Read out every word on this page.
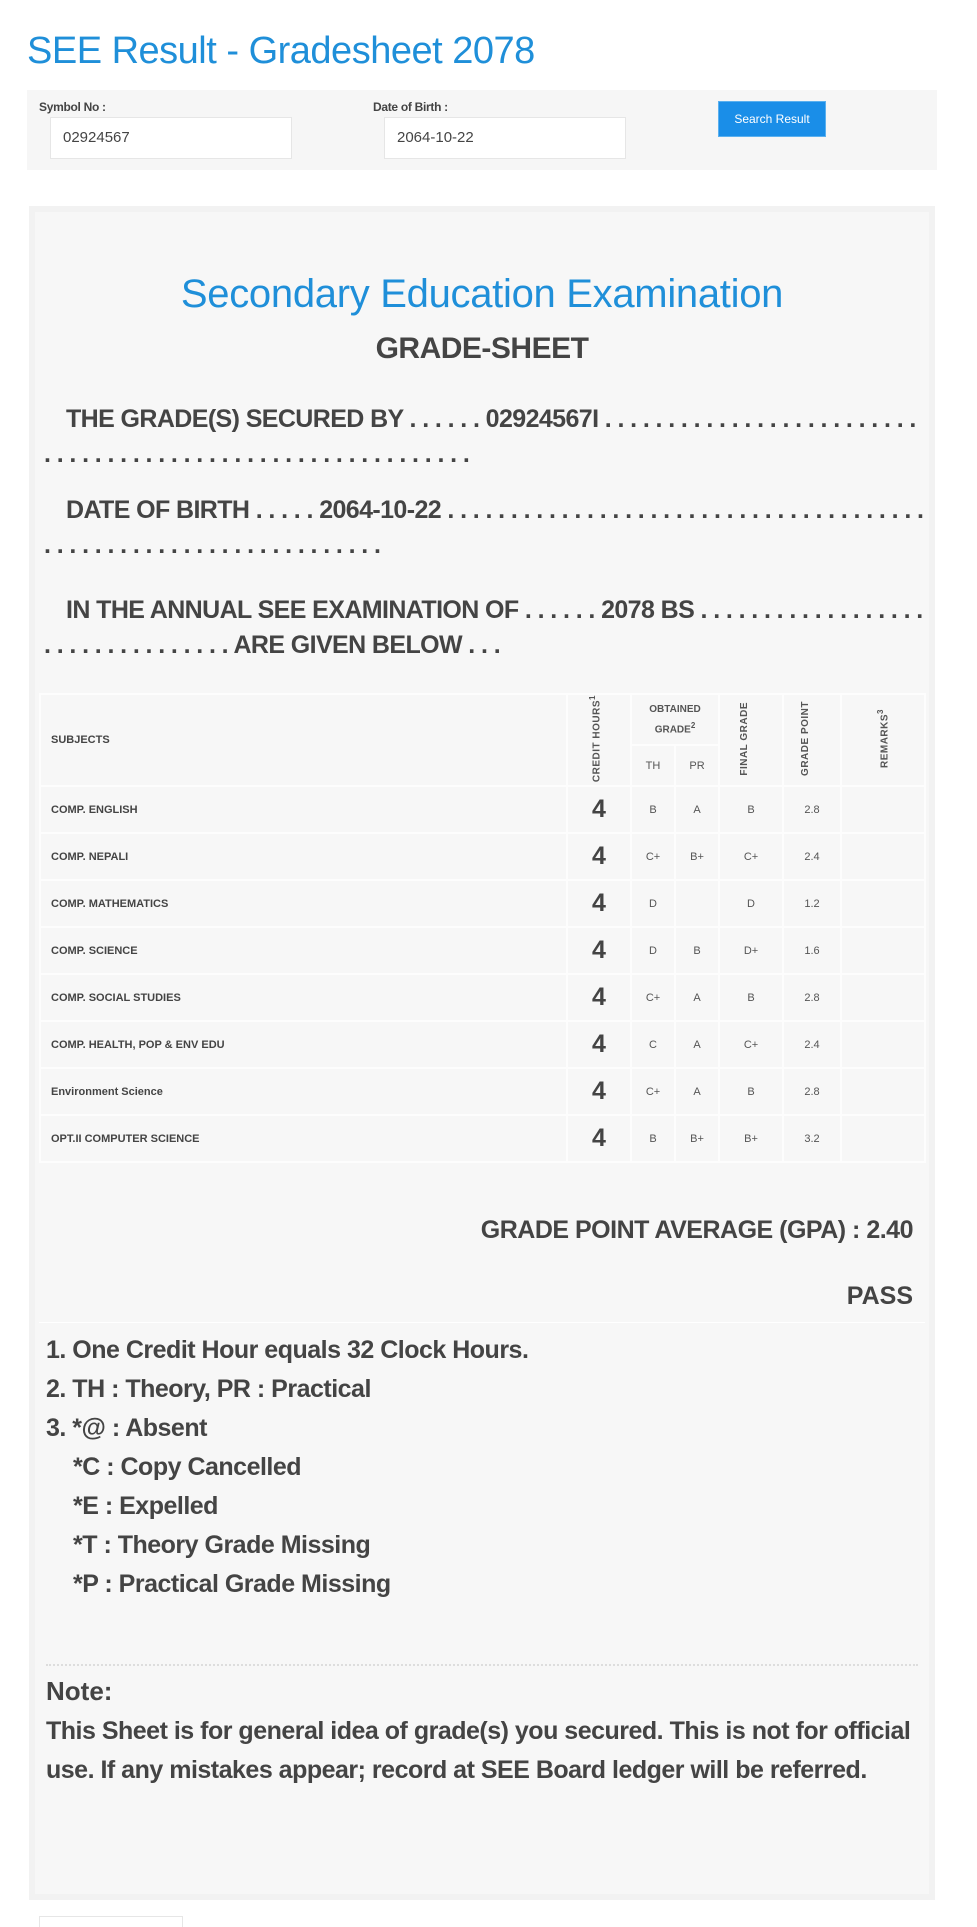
SEE Result - Gradesheet 2078
Symbol No :
02924567
Date of Birth :
2064-10-22
Search Result
Secondary Education Examination
GRADE-SHEET
THE GRADE(S) SECURED BY . . . . . . 02924567I . . . . . . . . . . . . . . . . . . . . . . . . . . . . . . . . . . . . . . . . . . . . . . . . . . . . . . . . . . .
DATE OF BIRTH . . . . . 2064-10-22 . . . . . . . . . . . . . . . . . . . . . . . . . . . . . . . . . . . . . . . . . . . . . . . . . . . . . . . . . . . . . . . . .
IN THE ANNUAL SEE EXAMINATION OF . . . . . . 2078 BS . . . . . . . . . . . . . . . . . . . . . . . . . . . . . . . . . ARE GIVEN BELOW . . .
SUBJECTS	CREDIT HOURS$^1$	OBTAINED GRADE$^2$		FINAL GRADE	GRADE POINT	REMARKS$^3$
		TH	PR			
COMP. ENGLISH	4	B	A	B	2.8	
COMP. NEPALI	4	C+	B+	C+	2.4	
COMP. MATHEMATICS	4	D		D	1.2	
COMP. SCIENCE	4	D	B	D+	1.6	
COMP. SOCIAL STUDIES	4	C+	A	B	2.8	
COMP. HEALTH, POP & ENV EDU	4	C	A	C+	2.4	
Environment Science	4	C+	A	B	2.8	
OPT.II COMPUTER SCIENCE	4	B	B+	B+	3.2	
GRADE POINT AVERAGE (GPA) : 2.40
PASS
1. One Credit Hour equals 32 Clock Hours.
2. TH : Theory, PR : Practical
3. *@ : Absent
*C : Copy Cancelled
*E : Expelled
*T : Theory Grade Missing
*P : Practical Grade Missing
Note:
This Sheet is for general idea of grade(s) you secured. This is not for official use. If any mistakes appear; record at SEE Board ledger will be referred.
